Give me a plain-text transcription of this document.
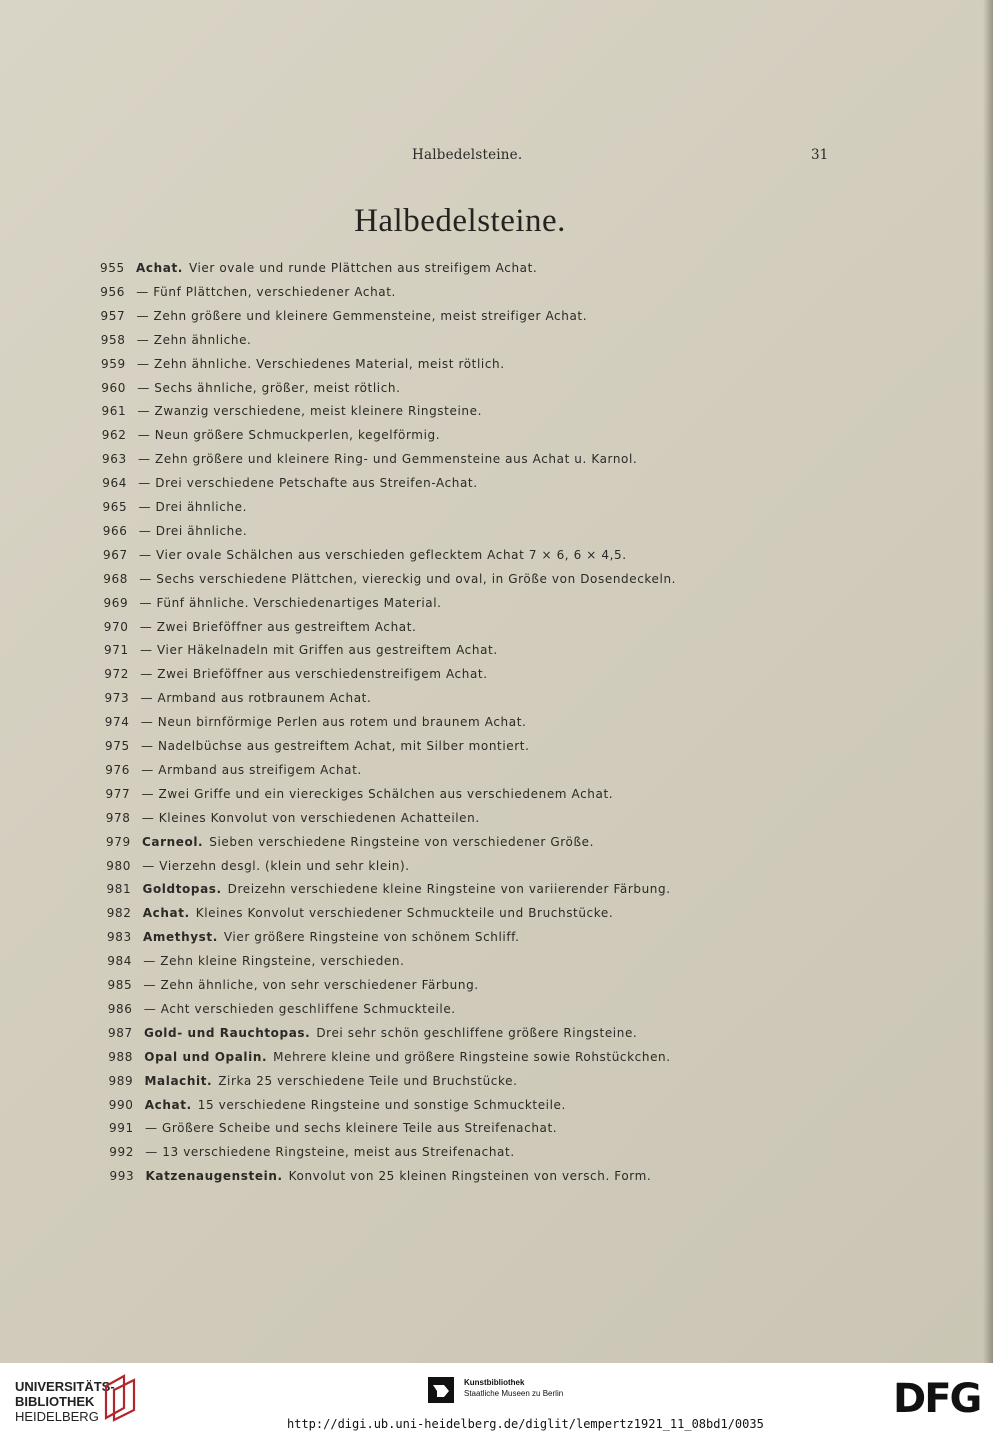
Halbedelsteine.	31
Halbedelsteine.
955 Achat. Vier ovale und runde Plättchen aus streifigem Achat.
956 — Fünf Plättchen, verschiedener Achat.
957 — Zehn größere und kleinere Gemmensteine, meist streifiger Achat.
958 — Zehn ähnliche.
959 — Zehn ähnliche. Verschiedenes Material, meist rötlich.
960 — Sechs ähnliche, größer, meist rötlich.
961 — Zwanzig verschiedene, meist kleinere Ringsteine.
962 — Neun größere Schmuckperlen, kegelförmig.
963 — Zehn größere und kleinere Ring- und Gemmensteine aus Achat u. Karnol.
964 — Drei verschiedene Petschafte aus Streifen-Achat.
965 — Drei ähnliche.
966 — Drei ähnliche.
967 — Vier ovale Schälchen aus verschieden geflecktem Achat 7 × 6, 6 × 4,5.
968 — Sechs verschiedene Plättchen, viereckig und oval, in Größe von Dosendeckeln.
969 — Fünf ähnliche. Verschiedenartiges Material.
970 — Zwei Brieföffner aus gestreiftem Achat.
971 — Vier Häkelnadeln mit Griffen aus gestreiftem Achat.
972 — Zwei Brieföffner aus verschiedenstreifigem Achat.
973 — Armband aus rotbraunem Achat.
974 — Neun birnförmige Perlen aus rotem und braunem Achat.
975 — Nadelbüchse aus gestreiftem Achat, mit Silber montiert.
976 — Armband aus streifigem Achat.
977 — Zwei Griffe und ein viereckiges Schälchen aus verschiedenem Achat.
978 — Kleines Konvolut von verschiedenen Achatteilen.
979 Carneol. Sieben verschiedene Ringsteine von verschiedener Größe.
980 — Vierzehn desgl. (klein und sehr klein).
981 Goldtopas. Dreizehn verschiedene kleine Ringsteine von variierender Färbung.
982 Achat. Kleines Konvolut verschiedener Schmuckteile und Bruchstücke.
983 Amethyst. Vier größere Ringsteine von schönem Schliff.
984 — Zehn kleine Ringsteine, verschieden.
985 — Zehn ähnliche, von sehr verschiedener Färbung.
986 — Acht verschieden geschliffene Schmuckteile.
987 Gold- und Rauchtopas. Drei sehr schön geschliffene größere Ringsteine.
988 Opal und Opalin. Mehrere kleine und größere Ringsteine sowie Rohstückchen.
989 Malachit. Zirka 25 verschiedene Teile und Bruchstücke.
990 Achat. 15 verschiedene Ringsteine und sonstige Schmuckteile.
991 — Größere Scheibe und sechs kleinere Teile aus Streifenachat.
992 — 13 verschiedene Ringsteine, meist aus Streifenachat.
993 Katzenaugenstein. Konvolut von 25 kleinen Ringsteinen von versch. Form.
UNIVERSITÄTS-
BIBLIOTHEK
HEIDELBERG
Kunstbibliothek
Staatliche Museen zu Berlin	DFG
http://digi.ub.uni-heidelberg.de/diglit/lempertz1921_11_08bd1/0035
